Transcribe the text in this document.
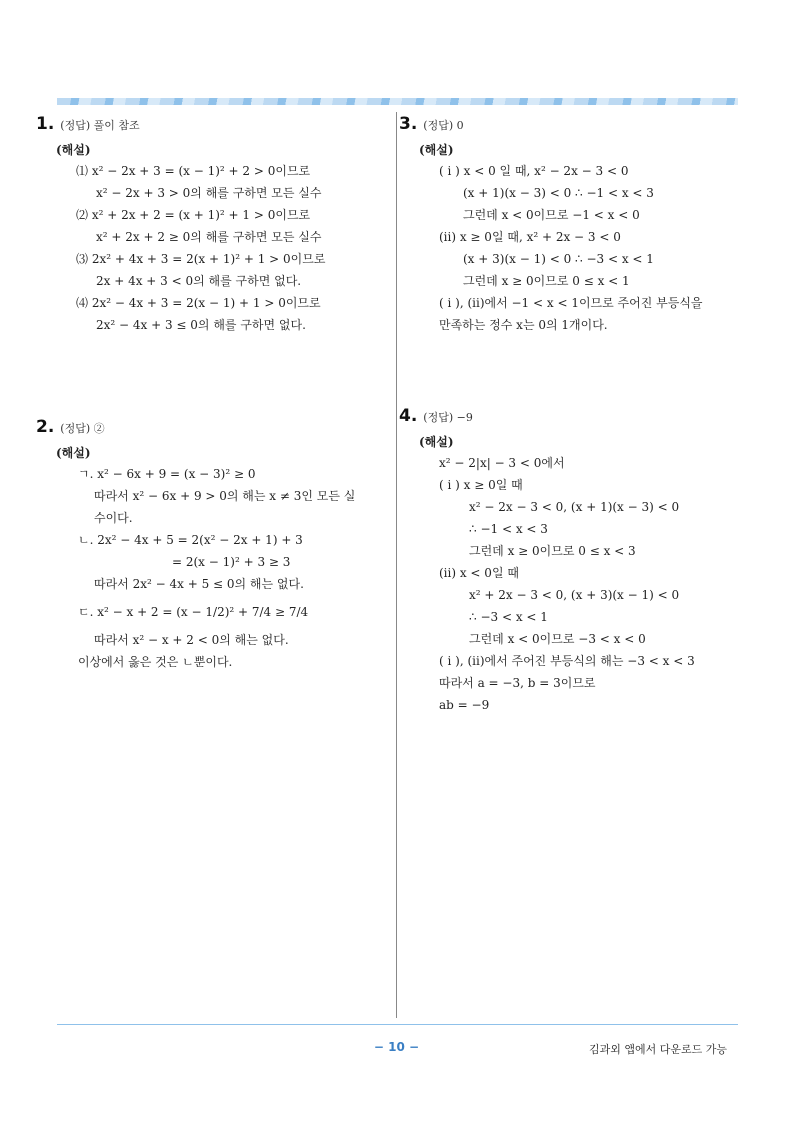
1. (정답) 풀이 참조
(해설)
⑴ x² − 2x + 3 = (x − 1)² + 2 > 0이므로
x² − 2x + 3 > 0의 해를 구하면 모든 실수
⑵ x² + 2x + 2 = (x + 1)² + 1 > 0이므로
x² + 2x + 2 ≥ 0의 해를 구하면 모든 실수
⑶ 2x² + 4x + 3 = 2(x + 1)² + 1 > 0이므로
2x + 4x + 3 < 0의 해를 구하면 없다.
⑷ 2x² − 4x + 3 = 2(x − 1) + 1 > 0이므로
2x² − 4x + 3 ≤ 0의 해를 구하면 없다.
2. (정답) ②
(해설)
ㄱ. x² − 6x + 9 = (x − 3)² ≥ 0
따라서 x² − 6x + 9 > 0의 해는 x ≠ 3인 모든 실
수이다.
ㄴ. 2x² − 4x + 5 = 2(x² − 2x + 1) + 3
= 2(x − 1)² + 3 ≥ 3
따라서 2x² − 4x + 5 ≤ 0의 해는 없다.
ㄷ. x² − x + 2 = (x − 1/2)² + 7/4 ≥ 7/4
따라서 x² − x + 2 < 0의 해는 없다.
이상에서 옳은 것은 ㄴ뿐이다.
3. (정답) 0
(해설)
( i ) x < 0 일 때, x² − 2x − 3 < 0
(x + 1)(x − 3) < 0 ∴ −1 < x < 3
그런데 x < 0이므로 −1 < x < 0
(ii) x ≥ 0일 때, x² + 2x − 3 < 0
(x + 3)(x − 1) < 0 ∴ −3 < x < 1
그런데 x ≥ 0이므로 0 ≤ x < 1
( i ), (ii)에서 −1 < x < 1이므로 주어진 부등식을
만족하는 정수 x는 0의 1개이다.
4. (정답) −9
(해설)
x² − 2|x| − 3 < 0에서
( i ) x ≥ 0일 때
x² − 2x − 3 < 0, (x + 1)(x − 3) < 0
∴ −1 < x < 3
그런데 x ≥ 0이므로 0 ≤ x < 3
(ii) x < 0일 때
x² + 2x − 3 < 0, (x + 3)(x − 1) < 0
∴ −3 < x < 1
그런데 x < 0이므로 −3 < x < 0
( i ), (ii)에서 주어진 부등식의 해는 −3 < x < 3
따라서 a = −3, b = 3이므로
ab = −9
− 10 −	김과외 앱에서 다운로드 가능
